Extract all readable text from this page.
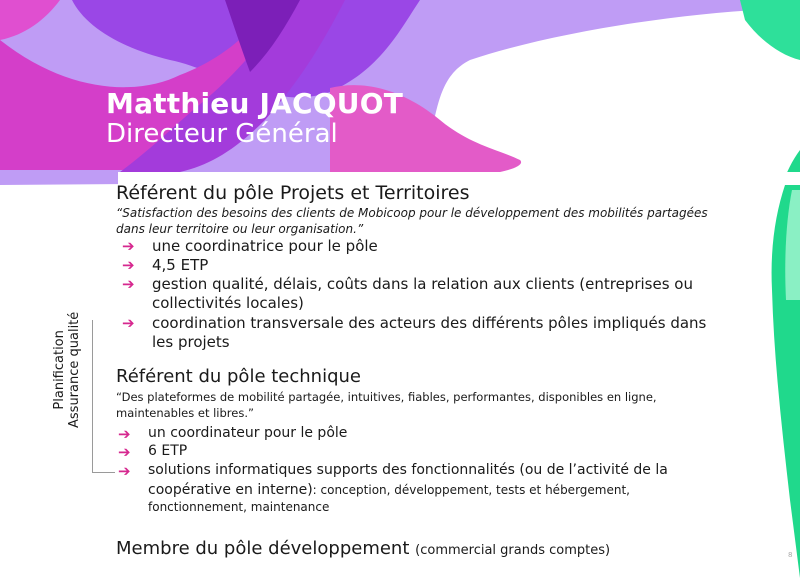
Matthieu JACQUOT
Directeur Général
Référent du pôle Projets et Territoires
“Satisfaction des besoins des clients de Mobicoop pour le développement des mobilités partagées
dans leur territoire ou leur organisation.”
➔ une coordinatrice pour le pôle
➔ 4,5 ETP
➔ gestion qualité, délais, coûts dans la relation aux clients (entreprises ou
collectivités locales)
➔ coordination transversale des acteurs des différents pôles impliqués dans
les projets
Planification Assurance qualité Référent du pôle technique
“Des plateformes de mobilité partagée, intuitives, fiables, performantes, disponibles en ligne,
maintenables et libres.”
➔ un coordinateur pour le pôle
➔ 6 ETP
➔ solutions informatiques supports des fonctionnalités (ou de l’activité de la
coopérative en interne): conception, développement, tests et hébergement,
fonctionnement, maintenance
Membre du pôle développement (commercial grands comptes)	8
